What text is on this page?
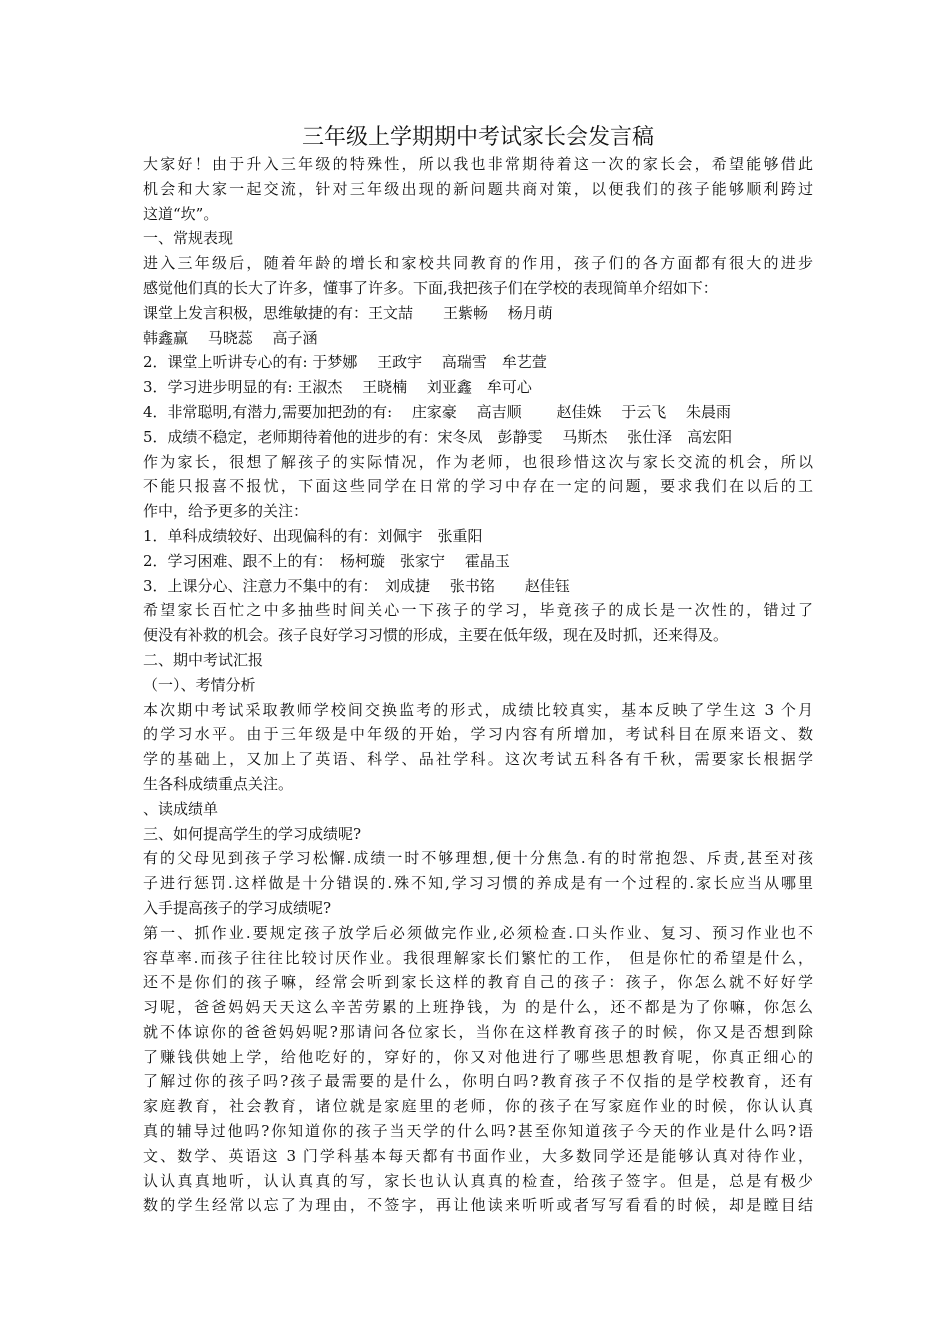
三年级上学期期中考试家长会发言稿
大家好！由于升入三年级的特殊性，所以我也非常期待着这一次的家长会，希望能够借此
机会和大家一起交流，针对三年级出现的新问题共商对策，以便我们的孩子能够顺利跨过
这道“坎”。
一、常规表现
进入三年级后，随着年龄的增长和家校共同教育的作用，孩子们的各方面都有很大的进步
感觉他们真的长大了许多，懂事了许多。下面,我把孩子们在学校的表现简单介绍如下：
课堂上发言积极，思维敏捷的有：王文喆　　王紫畅　 杨月萌
韩鑫赢　 马晓蕊　 高子涵
2．课堂上听讲专心的有: 于梦娜　 王政宇　 高瑞雪　牟艺萱
3．学习进步明显的有: 王淑杰　 王晓楠　 刘亚鑫　牟可心
4．非常聪明,有潜力,需要加把劲的有:　 庄家豪　 高吉顺　　 赵佳姝　 于云飞　 朱晨雨
5．成绩不稳定，老师期待着他的进步的有：宋冬凤　彭静雯　 马斯杰　 张仕泽　高宏阳
作为家长，很想了解孩子的实际情况，作为老师，也很珍惜这次与家长交流的机会，所以
不能只报喜不报忧，下面这些同学在日常的学习中存在一定的问题，要求我们在以后的工
作中，给予更多的关注：
1．单科成绩较好、出现偏科的有：刘佩宇　张重阳
2．学习困难、跟不上的有：　杨柯璇　张家宁　 霍晶玉
3．上课分心、注意力不集中的有：　刘成捷　 张书铭　　赵佳钰
希望家长百忙之中多抽些时间关心一下孩子的学习，毕竟孩子的成长是一次性的，错过了
便没有补救的机会。孩子良好学习习惯的形成，主要在低年级，现在及时抓，还来得及。
二、期中考试汇报
（一）、考情分析
本次期中考试采取教师学校间交换监考的形式，成绩比较真实，基本反映了学生这 3 个月
的学习水平。由于三年级是中年级的开始，学习内容有所增加，考试科目在原来语文、数
学的基础上，又加上了英语、科学、品社学科。这次考试五科各有千秋，需要家长根据学
生各科成绩重点关注。
、读成绩单
三、如何提高学生的学习成绩呢?
有的父母见到孩子学习松懈.成绩一时不够理想,便十分焦急.有的时常抱怨、斥责,甚至对孩
子进行惩罚.这样做是十分错误的.殊不知,学习习惯的养成是有一个过程的.家长应当从哪里
入手提高孩子的学习成绩呢?
第一、抓作业.要规定孩子放学后必须做完作业,必须检查.口头作业、复习、预习作业也不
容草率.而孩子往往比较讨厌作业。我很理解家长们繁忙的工作， 但是你忙的希望是什么，
还不是你们的孩子嘛，经常会听到家长这样的教育自己的孩子：孩子，你怎么就不好好学
习呢，爸爸妈妈天天这么辛苦劳累的上班挣钱，为 的是什么，还不都是为了你嘛，你怎么
就不体谅你的爸爸妈妈呢?那请问各位家长，当你在这样教育孩子的时候，你又是否想到除
了赚钱供她上学，给他吃好的，穿好的，你又对他进行了哪些思想教育呢，你真正细心的
了解过你的孩子吗?孩子最需要的是什么，你明白吗?教育孩子不仅指的是学校教育，还有
家庭教育，社会教育，诸位就是家庭里的老师，你的孩子在写家庭作业的时候，你认认真
真的辅导过他吗?你知道你的孩子当天学的什么吗?甚至你知道孩子今天的作业是什么吗?语
文、数学、英语这 3 门学科基本每天都有书面作业，大多数同学还是能够认真对待作业，
认认真真地听，认认真真的写，家长也认认真真的检查，给孩子签字。但是，总是有极少
数的学生经常以忘了为理由，不签字，再让他读来听听或者写写看看的时候，却是瞠目结
